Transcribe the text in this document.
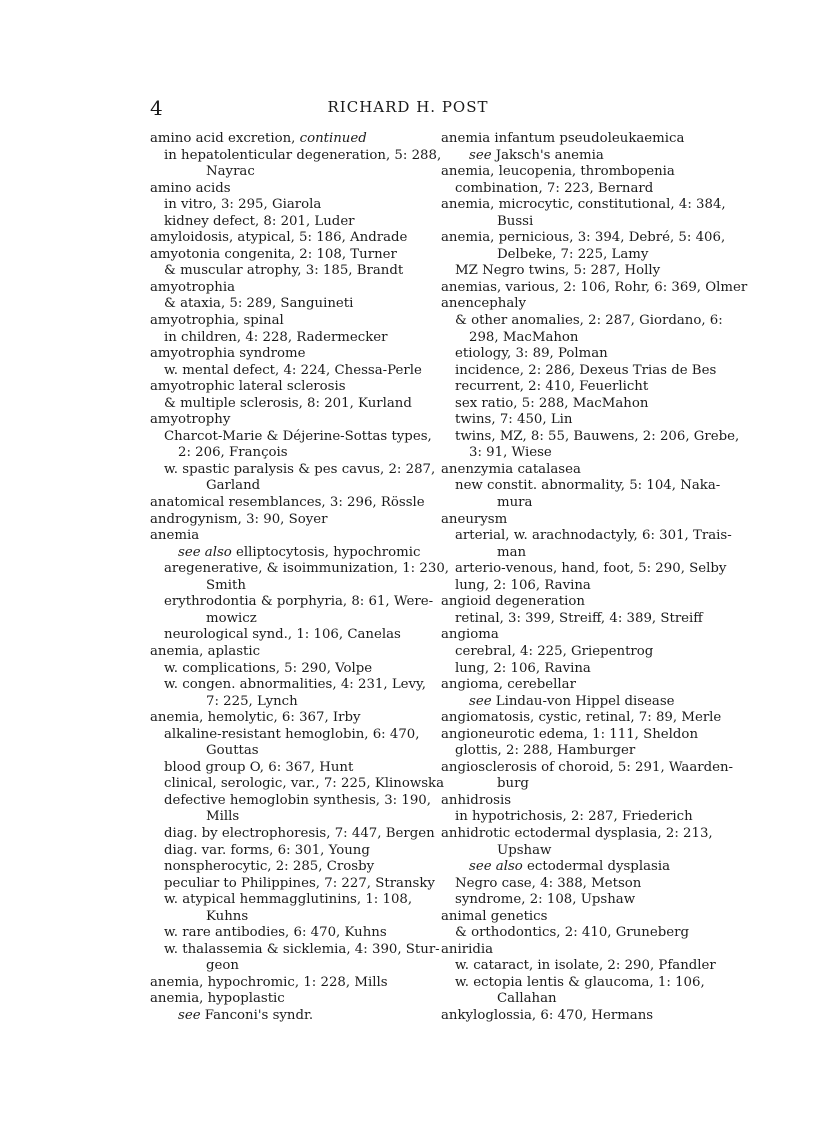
4	RICHARD H. POST
amino acid excretion, continued
in hepatolenticular degeneration, 5: 288,
Nayrac
amino acids
in vitro, 3: 295, Giarola
kidney defect, 8: 201, Luder
amyloidosis, atypical, 5: 186, Andrade
amyotonia congenita, 2: 108, Turner
& muscular atrophy, 3: 185, Brandt
amyotrophia
& ataxia, 5: 289, Sanguineti
amyotrophia, spinal
in children, 4: 228, Radermecker
amyotrophia syndrome
w. mental defect, 4: 224, Chessa-Perle
amyotrophic lateral sclerosis
& multiple sclerosis, 8: 201, Kurland
amyotrophy
Charcot-Marie & Déjerine-Sottas types,
2: 206, François
w. spastic paralysis & pes cavus, 2: 287,
Garland
anatomical resemblances, 3: 296, Rössle
androgynism, 3: 90, Soyer
anemia
see also elliptocytosis, hypochromic
aregenerative, & isoimmunization, 1: 230,
Smith
erythrodontia & porphyria, 8: 61, Were-
mowicz
neurological synd., 1: 106, Canelas
anemia, aplastic
w. complications, 5: 290, Volpe
w. congen. abnormalities, 4: 231, Levy,
7: 225, Lynch
anemia, hemolytic, 6: 367, Irby
alkaline-resistant hemoglobin, 6: 470,
Gouttas
blood group O, 6: 367, Hunt
clinical, serologic, var., 7: 225, Klinowska
defective hemoglobin synthesis, 3: 190,
Mills
diag. by electrophoresis, 7: 447, Bergen
diag. var. forms, 6: 301, Young
nonspherocytic, 2: 285, Crosby
peculiar to Philippines, 7: 227, Stransky
w. atypical hemmagglutinins, 1: 108,
Kuhns
w. rare antibodies, 6: 470, Kuhns
w. thalassemia & sicklemia, 4: 390, Stur-
geon
anemia, hypochromic, 1: 228, Mills
anemia, hypoplastic
see Fanconi's syndr.
anemia infantum pseudoleukaemica
see Jaksch's anemia
anemia, leucopenia, thrombopenia
combination, 7: 223, Bernard
anemia, microcytic, constitutional, 4: 384,
Bussi
anemia, pernicious, 3: 394, Debré, 5: 406,
Delbeke, 7: 225, Lamy
MZ Negro twins, 5: 287, Holly
anemias, various, 2: 106, Rohr, 6: 369, Olmer
anencephaly
& other anomalies, 2: 287, Giordano, 6:
298, MacMahon
etiology, 3: 89, Polman
incidence, 2: 286, Dexeus Trias de Bes
recurrent, 2: 410, Feuerlicht
sex ratio, 5: 288, MacMahon
twins, 7: 450, Lin
twins, MZ, 8: 55, Bauwens, 2: 206, Grebe,
3: 91, Wiese
anenzymia catalasea
new constit. abnormality, 5: 104, Naka-
mura
aneurysm
arterial, w. arachnodactyly, 6: 301, Trais-
man
arterio-venous, hand, foot, 5: 290, Selby
lung, 2: 106, Ravina
angioid degeneration
retinal, 3: 399, Streiff, 4: 389, Streiff
angioma
cerebral, 4: 225, Griepentrog
lung, 2: 106, Ravina
angioma, cerebellar
see Lindau-von Hippel disease
angiomatosis, cystic, retinal, 7: 89, Merle
angioneurotic edema, 1: 111, Sheldon
glottis, 2: 288, Hamburger
angiosclerosis of choroid, 5: 291, Waarden-
burg
anhidrosis
in hypotrichosis, 2: 287, Friederich
anhidrotic ectodermal dysplasia, 2: 213,
Upshaw
see also ectodermal dysplasia
Negro case, 4: 388, Metson
syndrome, 2: 108, Upshaw
animal genetics
& orthodontics, 2: 410, Gruneberg
aniridia
w. cataract, in isolate, 2: 290, Pfandler
w. ectopia lentis & glaucoma, 1: 106,
Callahan
ankyloglossia, 6: 470, Hermans
